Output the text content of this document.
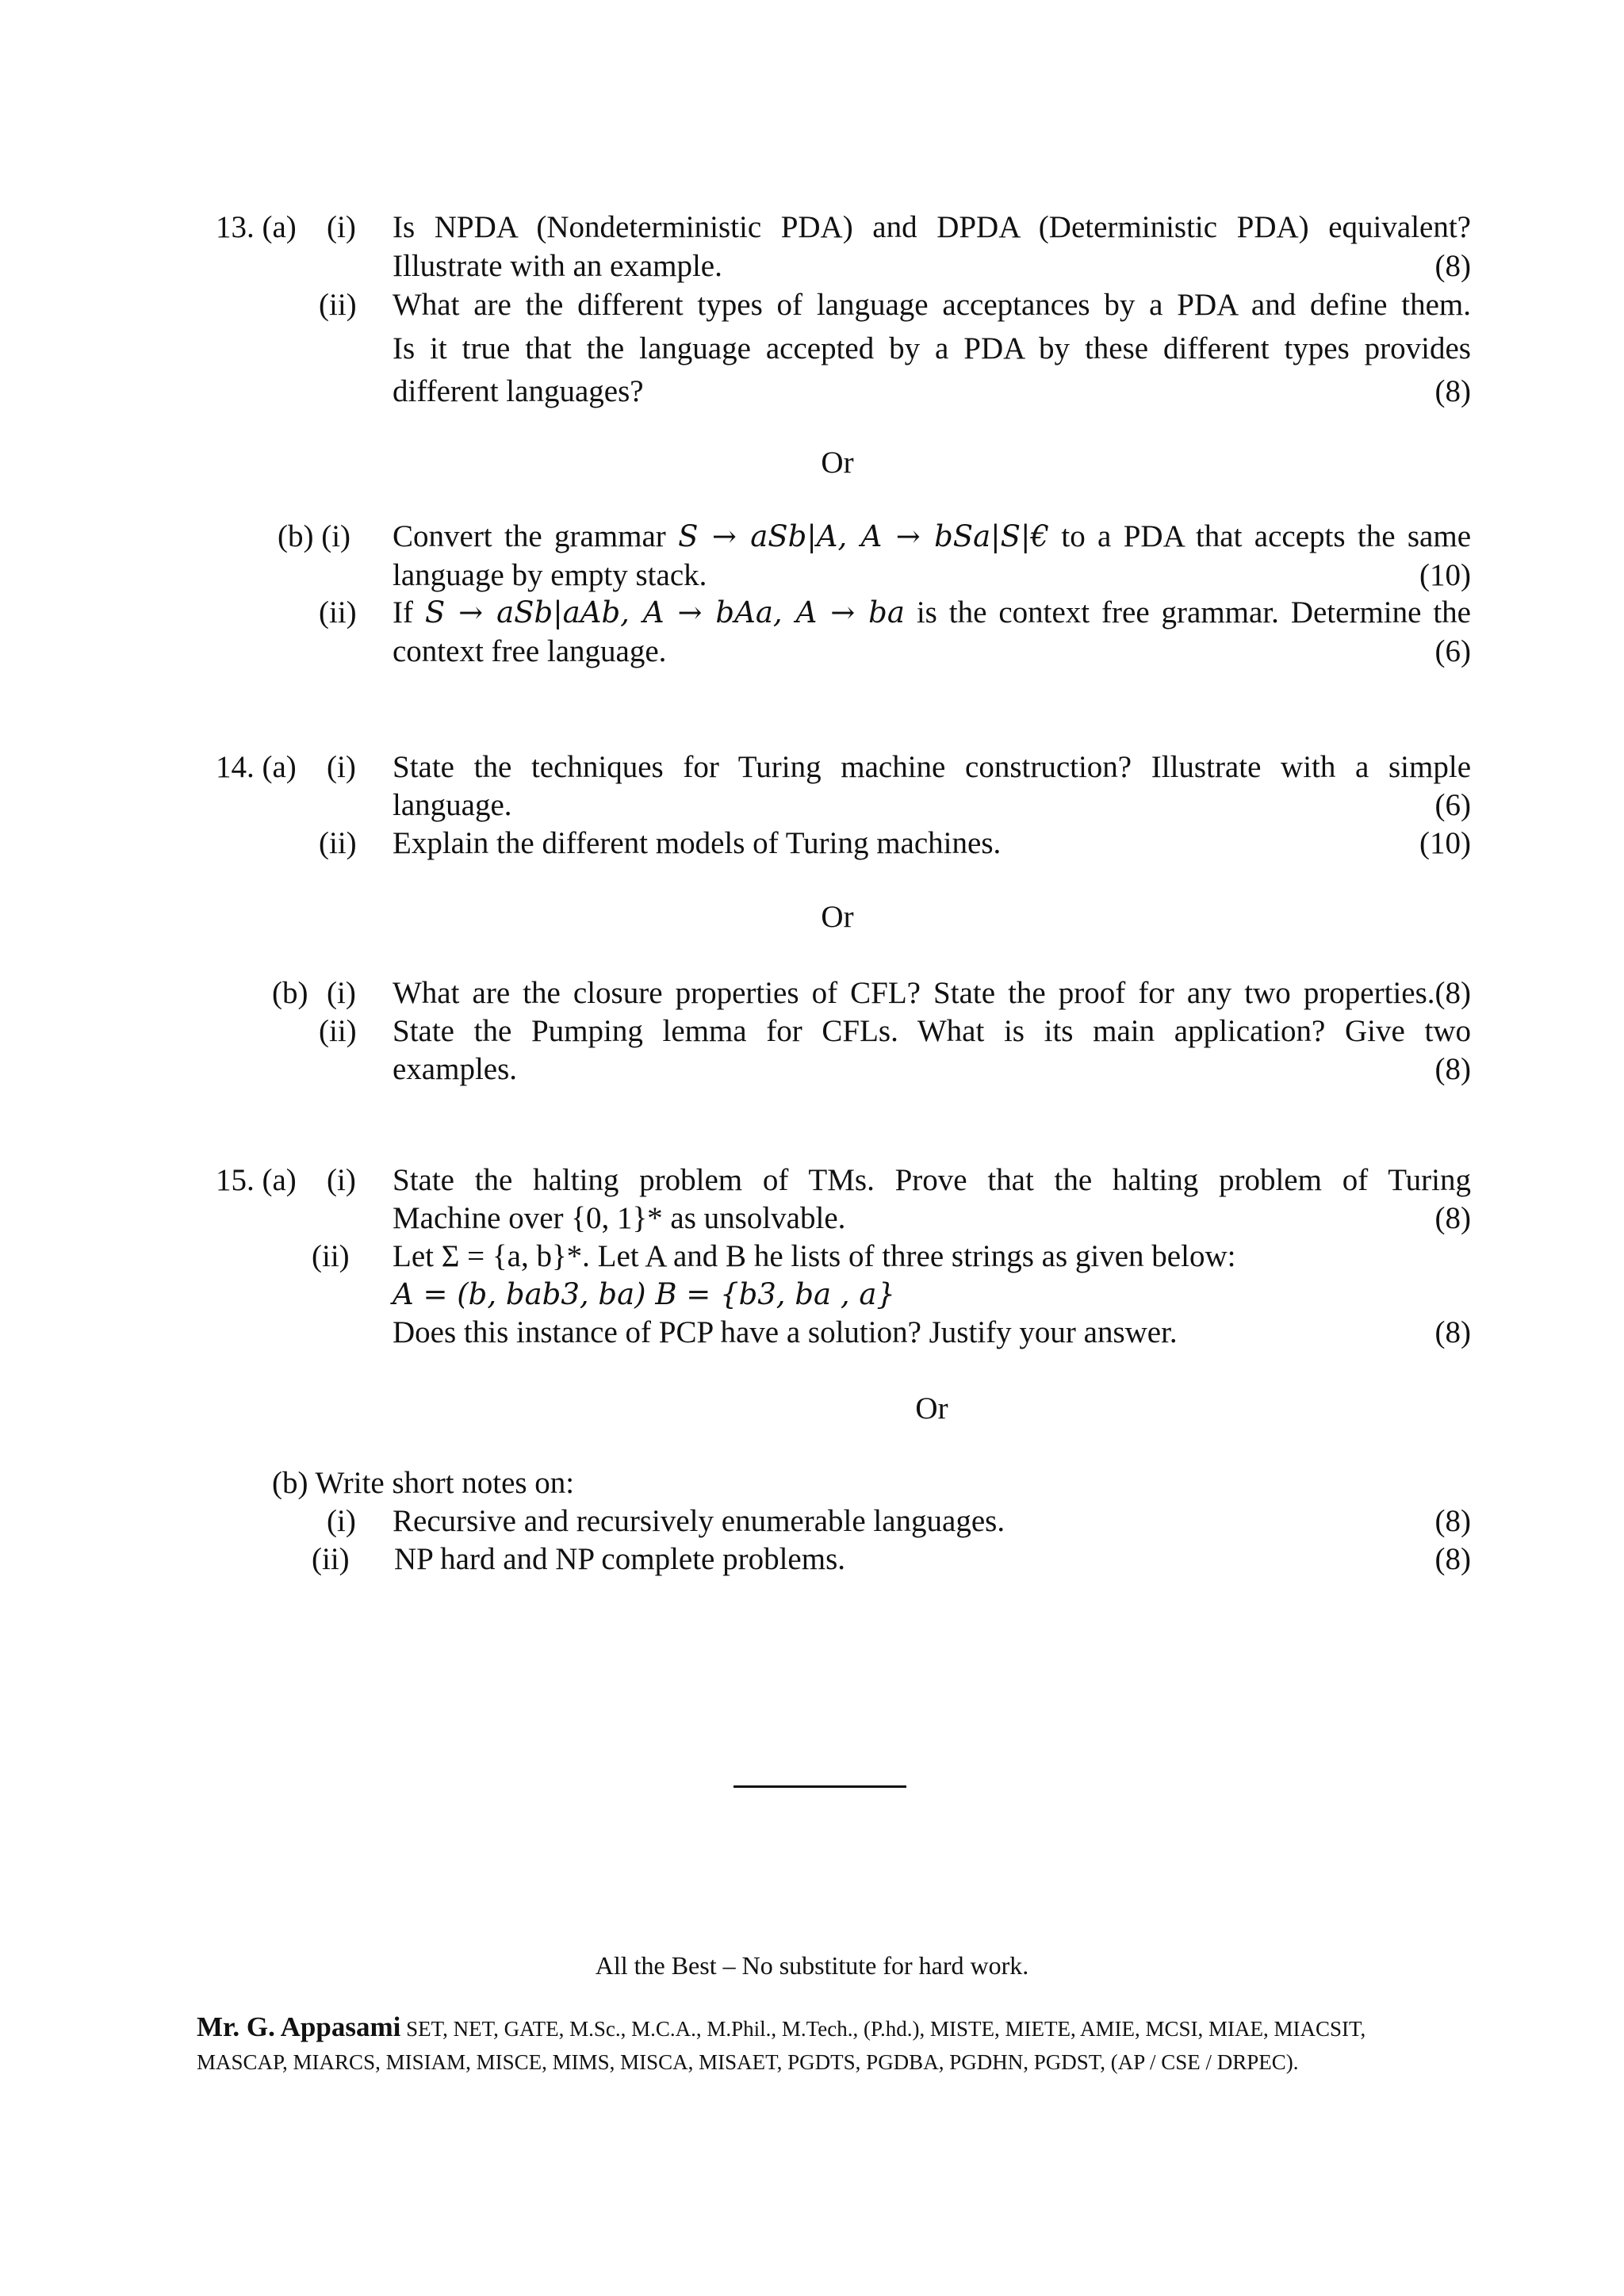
13. (a) (i) Is NPDA (Nondeterministic PDA) and DPDA (Deterministic PDA) equivalent?
Illustrate with an example.	(8)
(ii) What are the different types of language acceptances by a PDA and define them.
Is it true that the language accepted by a PDA by these different types provides
different languages?	(8)
Or
(b) (i) Convert the grammar S → aSb|A, A → bSa|S|€ to a PDA that accepts the same
language by empty stack.	(10)
(ii) If S → aSb|aAb, A → bAa, A → ba is the context free grammar. Determine the
context free language.	(6)
14. (a) (i) State the techniques for Turing machine construction? Illustrate with a simple
language.	(6)
(ii) Explain the different models of Turing machines.	(10)
Or
(b) (i) What are the closure properties of CFL? State the proof for any two properties.(8)
(ii) State the Pumping lemma for CFLs. What is its main application? Give two
examples.	(8)
15. (a) (i) State the halting problem of TMs. Prove that the halting problem of Turing
Machine over {0, 1}* as unsolvable.	(8)
(ii) Let Σ = {a, b}*. Let A and B he lists of three strings as given below:
A = (b, bab3, ba) B = {b3, ba , a}
Does this instance of PCP have a solution? Justify your answer.	(8)
Or
(b) Write short notes on:
(i) Recursive and recursively enumerable languages.	(8)
(ii) NP hard and NP complete problems.	(8)
All the Best – No substitute for hard work.
Mr. G. Appasami SET, NET, GATE, M.Sc., M.C.A., M.Phil., M.Tech., (P.hd.), MISTE, MIETE, AMIE, MCSI, MIAE, MIACSIT,
MASCAP, MIARCS, MISIAM, MISCE, MIMS, MISCA, MISAET, PGDTS, PGDBA, PGDHN, PGDST, (AP / CSE / DRPEC).
